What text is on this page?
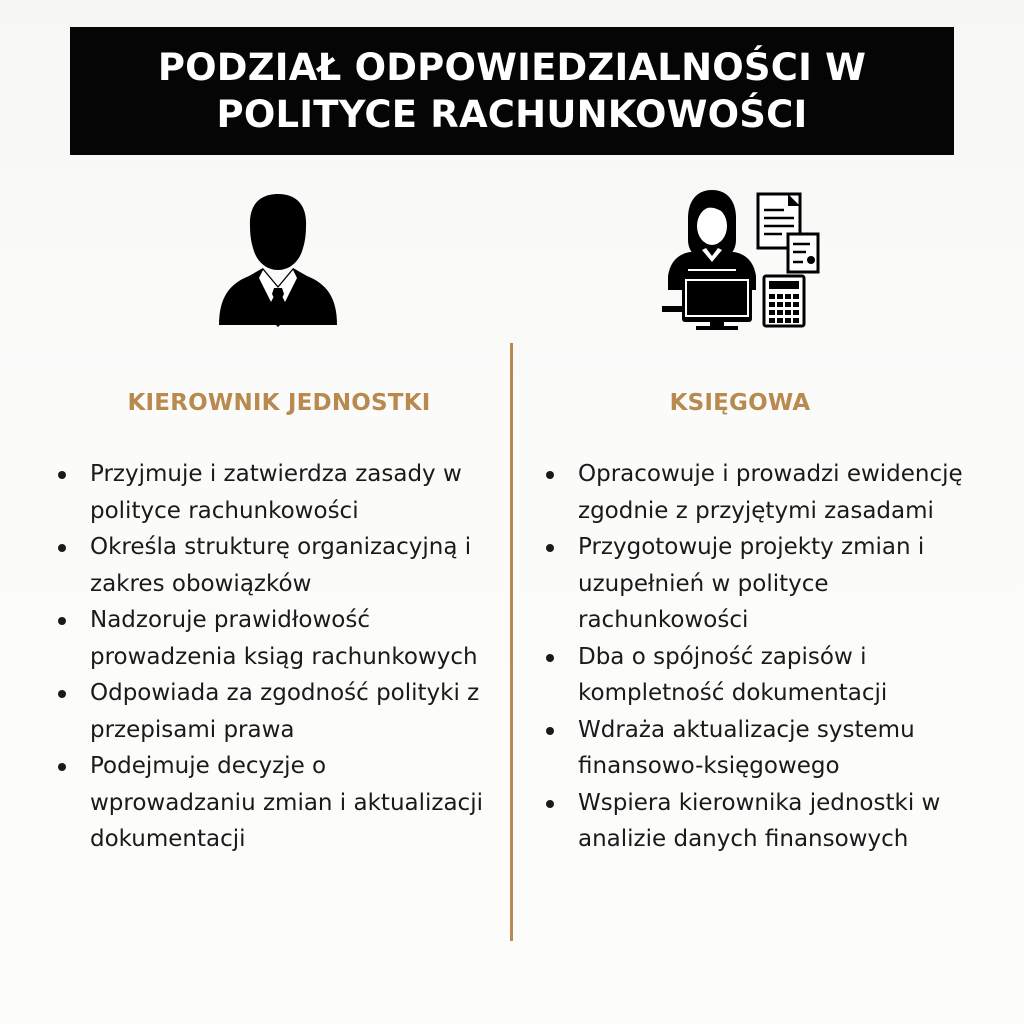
PODZIAŁ ODPOWIEDZIALNOŚCI W POLITYCE RACHUNKOWOŚCI
KIEROWNIK JEDNOSTKI
Przyjmuje i zatwierdza zasady w polityce rachunkowości
Określa strukturę organizacyjną i zakres obowiązków
Nadzoruje prawidłowość prowadzenia ksiąg rachunkowych
Odpowiada za zgodność polityki z przepisami prawa
Podejmuje decyzje o wprowadzaniu zmian i aktualizacji dokumentacji
KSIĘGOWA
Opracowuje i prowadzi ewidencję zgodnie z przyjętymi zasadami
Przygotowuje projekty zmian i uzupełnień w polityce rachunkowości
Dba o spójność zapisów i kompletność dokumentacji
Wdraża aktualizacje systemu finansowo-księgowego
Wspiera kierownika jednostki w analizie danych finansowych
